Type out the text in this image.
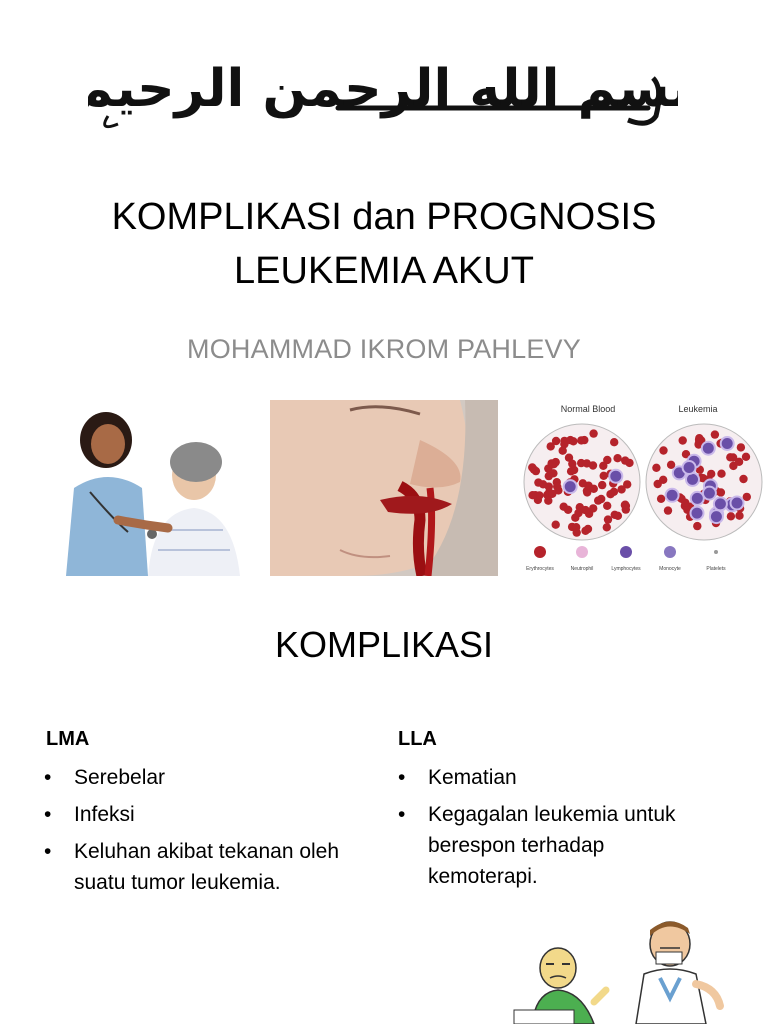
بسم الله الرحمن الرحيم
KOMPLIKASI dan PROGNOSIS
LEUKEMIA AKUT
MOHAMMAD IKROM PAHLEVY
Normal Blood	Leukemia
Erythrocytes	Neutrophil	Lymphocytes	Monocyte	Platelets
KOMPLIKASI
LMA	LLA
• Serebelar
• Infeksi
• Keluhan akibat tekanan oleh suatu tumor leukemia.
• Kematian
• Kegagalan leukemia untuk berespon terhadap kemoterapi.
